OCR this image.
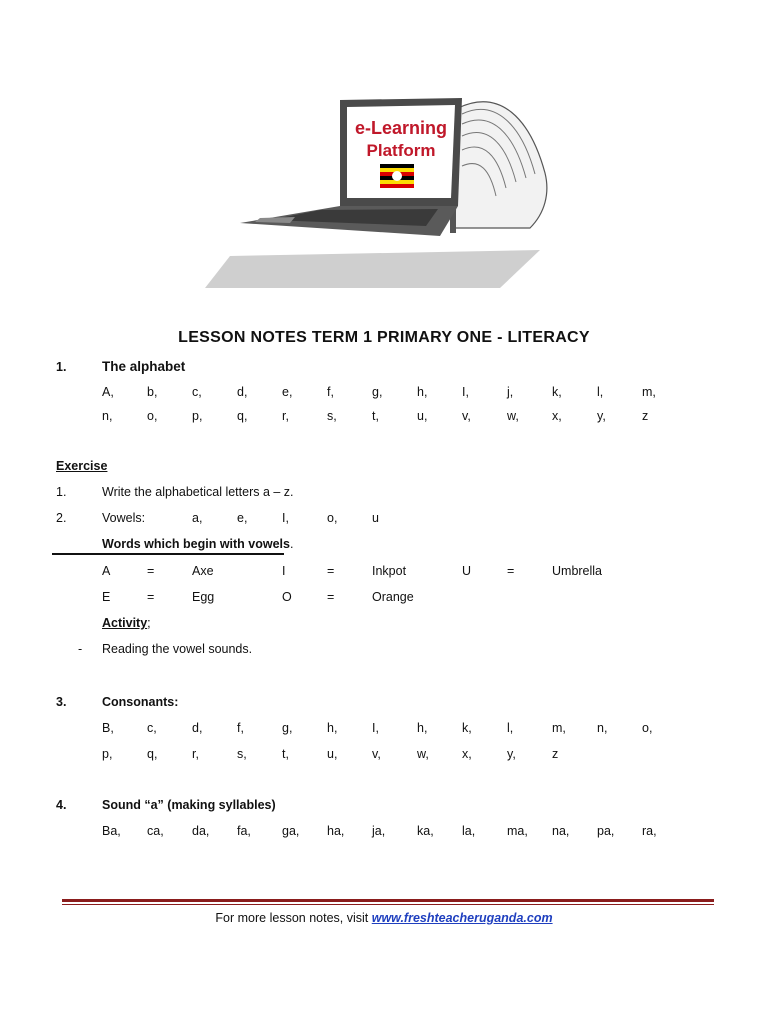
e-Learning
Platform
LESSON NOTES TERM 1 PRIMARY ONE - LITERACY
1.	The alphabet
A,	b,	c,	d,	e,	f,	g,	h,	I,	j,	k,	l,	m,
n,	o,	p,	q,	r,	s,	t,	u,	v,	w,	x,	y,	z
Exercise
1.	Write the alphabetical letters a – z.
2.	Vowels:	a,	e,	I,	o,	u
Words which begin with vowels.
A	=	Axe	I	=	Inkpot	U	=	Umbrella
E	=	Egg	O	=	Orange
Activity;
- Reading the vowel sounds.
3.	Consonants:
B,	c,	d,	f,	g,	h,	I,	h,	k,	l,	m, n,	o,
p,	q,	r,	s,	t,	u,	v,	w,	x,	y,	z
4.	Sound “a” (making syllables)
Ba, ca, da, fa, ga, ha, ja,	ka, la,	ma, na, pa, ra,
For more lesson notes, visit www.freshteacheruganda.com
